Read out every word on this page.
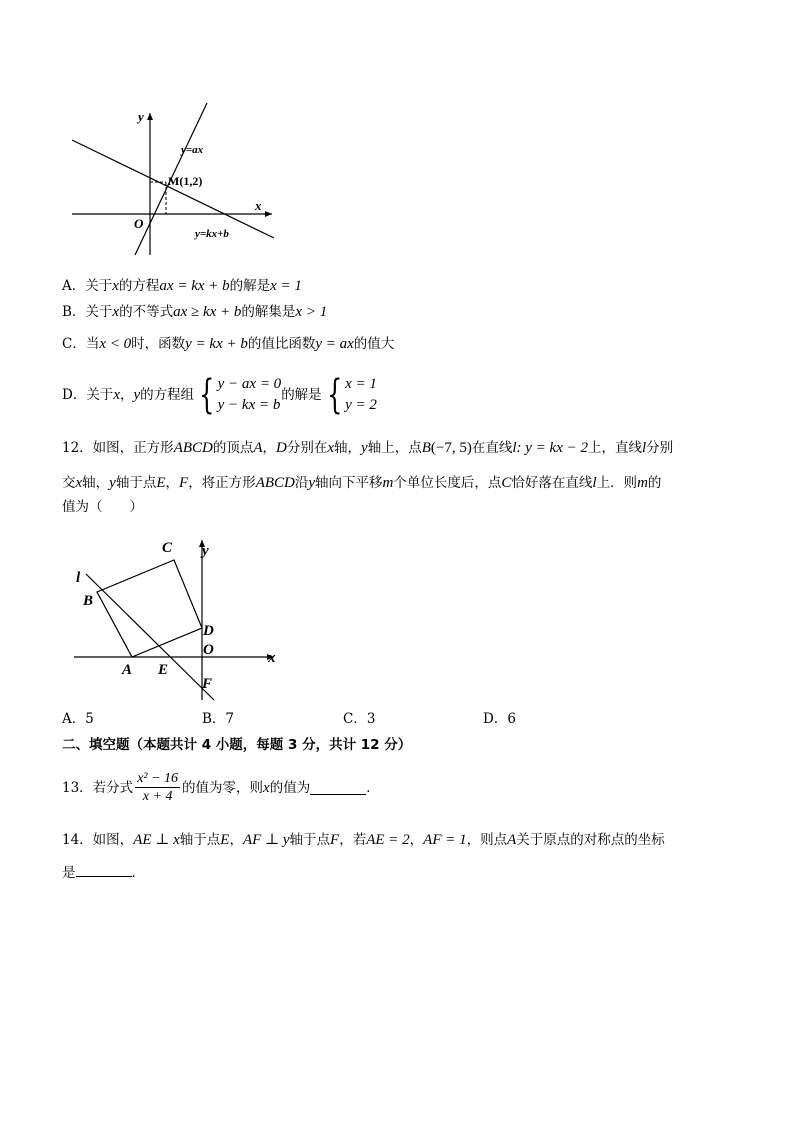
y
x
O
y=ax
M(1,2)
y=kx+b
A．关于x的方程ax = kx + b的解是x = 1
B．关于x的不等式ax ≥ kx + b的解集是x > 1
C．当x < 0时，函数y = kx + b的值比函数y = ax的值大
D． 关于 x ， y 的方程组 { y − ax = 0
y − kx = b
的解是 { x = 1
y = 2
12．如图，正方形ABCD的顶点A，D分别在x轴，y轴上，点B(−7, 5)在直线l: y = kx − 2上，直线l分别
交x轴，y轴于点E，F，将正方形ABCD沿y轴向下平移m个单位长度后，点C恰好落在直线l上．则m的
值为（　　）
C y
l
B
D
O	x
A E
F
A．5	B．7	C．3	D．6
二、填空题（本题共计 4 小题，每题 3 分，共计 12 分）
13．若分式 $\frac{\text{x² − 16}}{x + 4}$ 的值为零，则 x 的值为	．
14．如图，AE ⊥ x轴于点E，AF ⊥ y轴于点F，若AE = 2，AF = 1，则点A关于原点的对称点的坐标
是	．
